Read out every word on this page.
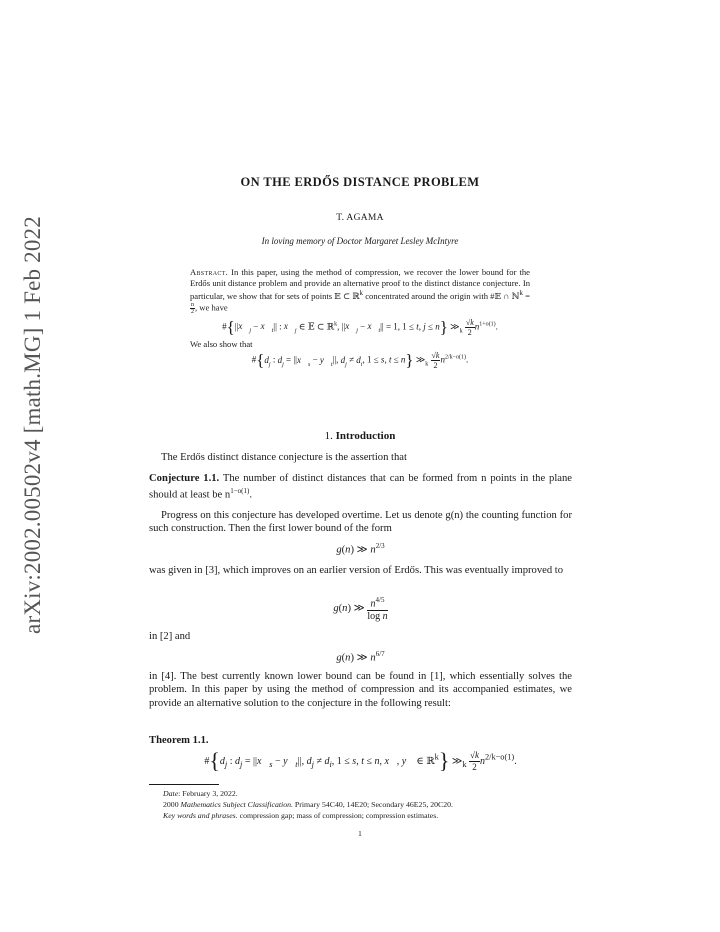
arXiv:2002.00502v4 [math.MG] 1 Feb 2022
ON THE ERDŐS DISTANCE PROBLEM
T. AGAMA
In loving memory of Doctor Margaret Lesley McIntyre
Abstract. In this paper, using the method of compression, we recover the lower bound for the Erdős unit distance problem and provide an alternative proof to the distinct distance conjecture. In particular, we show that for sets of points 𝔼 ⊂ ℝ$^k$ concentrated around the origin with #𝔼 ∩ ℕ$^k$ =
$\frac{n}{2}$ , we have
$\#\{||x⃗_j$ − $x⃗_t||$ : $x⃗_j$ ∈ 𝔼 ⊂ ℝ$^k$, $||x⃗_j$ − $x⃗_t|| = 1$, 1 ≤ t, j ≤ n} $≫_k \frac{√k}{2} n^{1+o(1)}$.
We also show that
$\#\{d_j$ : $d_j$ = $||x⃗_s$ − $y⃗_t||$, $d_j \ne d_i$, 1 ≤ s, t ≤ n} $≫_k \frac{√k}{2} n^{2/k-o(1)}$.
1. Introduction
The Erdős distinct distance conjecture is the assertion that
Conjecture 1.1. The number of distinct distances that can be formed from n points in the plane should at least be $n^{1-o(1)}$.
Progress on this conjecture has developed overtime. Let us denote g(n) the counting function for such construction. Then the first lower bound of the form
g(n) ≫ $n^{2/3}$
was given in [3], which improves on an earlier version of Erdős. This was eventually improved to
g(n) ≫ $\frac{n^{4/5}}{\text{log n}}$
in [2] and
g(n) ≫ $n^{6/7}$
in [4]. The best currently known lower bound can be found in [1], which essentially solves the problem. In this paper by using the method of compression and its accompanied estimates, we provide an alternative solution to the conjecture in the following result:
Theorem 1.1.
$\#\{d_j$ : $d_j$ = $||x⃗_s$ − $y⃗_t||$, $d_j \ne d_i$, 1 ≤ s, t ≤ n, x⃗, y⃗ ∈ ℝ$^k$} $≫_k \frac{√k}{2} n^{2/k-o(1)}$.
Date: February 3, 2022.
2000 Mathematics Subject Classification. Primary 54C40, 14E20; Secondary 46E25, 20C20.
Key words and phrases. compression gap; mass of compression; compression estimates.
1
